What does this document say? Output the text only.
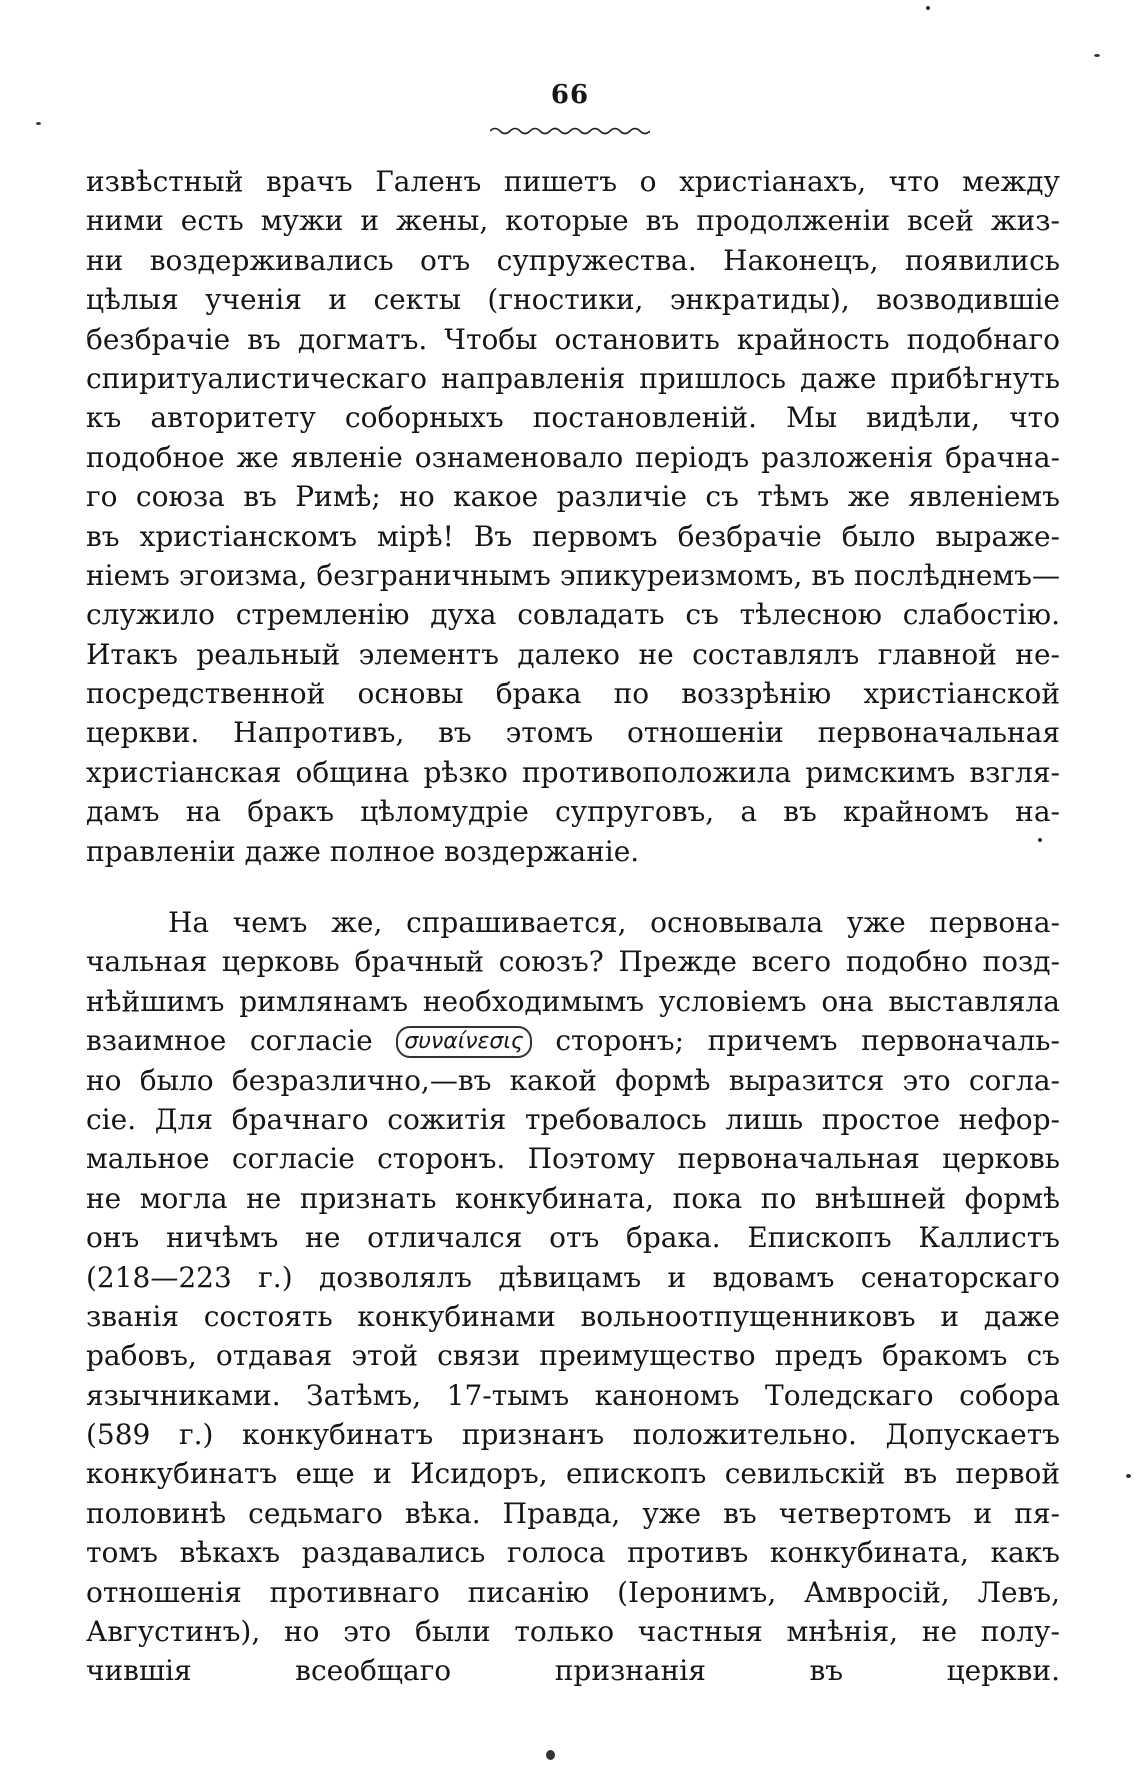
66
извѣстный врачъ Галенъ пишетъ о христіанахъ, что между
ними есть мужи и жены, которые въ продолженіи всей жиз-
ни воздерживались отъ супружества. Наконецъ, появились
цѣлыя ученія и секты (гностики, энкратиды), возводившіе
безбрачіе въ догматъ. Чтобы остановить крайность подобнаго
спиритуалистическаго направленія пришлось даже прибѣгнуть
къ авторитету соборныхъ постановленій. Мы видѣли, что
подобное же явленіе ознаменовало періодъ разложенія брачна-
го союза въ Римѣ; но какое различіе съ тѣмъ же явленіемъ
въ христіанскомъ мірѣ! Въ первомъ безбрачіе было выраже-
ніемъ эгоизма, безграничнымъ эпикуреизмомъ, въ послѣднемъ—
служило стремленію духа совладать съ тѣлесною слабостію.
Итакъ реальный элементъ далеко не составлялъ главной не-
посредственной основы брака по воззрѣнію христіанской
церкви. Напротивъ, въ этомъ отношеніи первоначальная
христіанская община рѣзко противоположила римскимъ взгля-
дамъ на бракъ цѣломудріе супруговъ, а въ крайномъ на-
правленіи даже полное воздержаніе.
На чемъ же, спрашивается, основывала уже первона-
чальная церковь брачный союзъ? Прежде всего подобно позд-
нѣйшимъ римлянамъ необходимымъ условіемъ она выставляла
взаимное согласіе συναίνεσις сторонъ; причемъ первоначаль-
но было безразлично,—въ какой формѣ выразится это согла-
сіе. Для брачнаго сожитія требовалось лишь простое нефор-
мальное согласіе сторонъ. Поэтому первоначальная церковь
не могла не признать конкубината, пока по внѣшней формѣ
онъ ничѣмъ не отличался отъ брака. Епископъ Каллистъ
(218—223 г.) дозволялъ дѣвицамъ и вдовамъ сенаторскаго
званія состоять конкубинами вольноотпущенниковъ и даже
рабовъ, отдавая этой связи преимущество предъ бракомъ съ
язычниками. Затѣмъ, 17-тымъ канономъ Толедскаго собора
(589 г.) конкубинатъ признанъ положительно. Допускаетъ
конкубинатъ еще и Исидоръ, епископъ севильскій въ первой
половинѣ седьмаго вѣка. Правда, уже въ четвертомъ и пя-
томъ вѣкахъ раздавались голоса противъ конкубината, какъ
отношенія противнаго писанію (Іеронимъ, Амвросій, Левъ,
Августинъ), но это были только частныя мнѣнія, не полу-
чившія всеобщаго признанія въ церкви.
